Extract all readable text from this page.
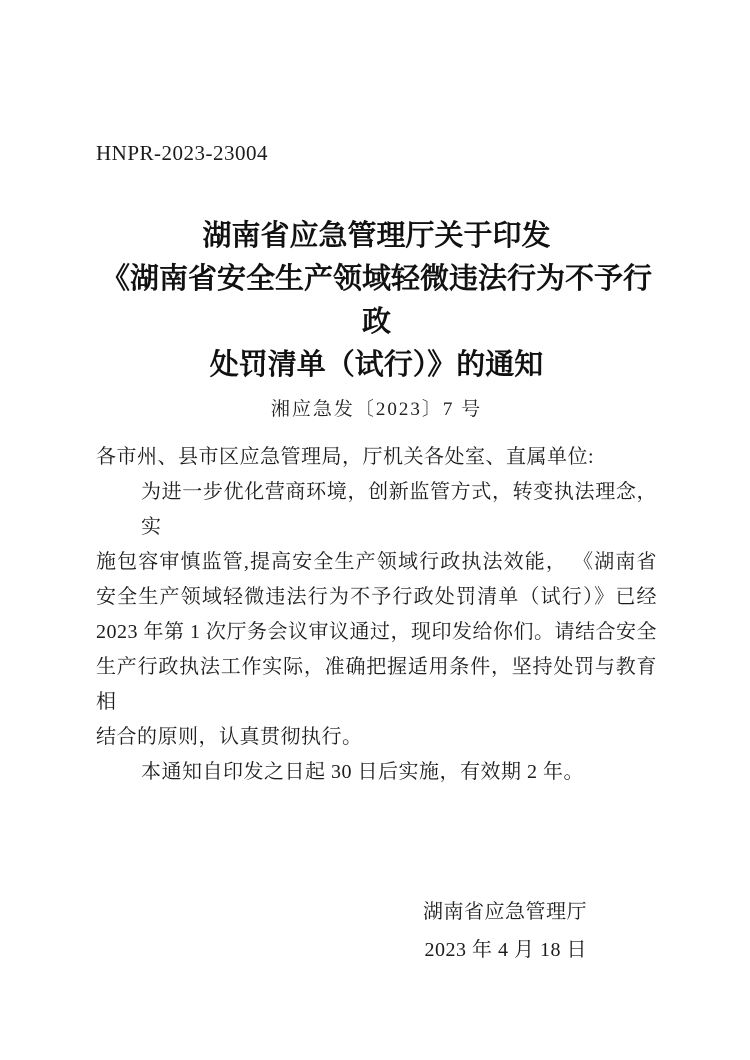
HNPR-2023-23004
湖南省应急管理厅关于印发
《湖南省安全生产领域轻微违法行为不予行政
处罚清单（试行）》的通知
湘应急发〔2023〕7 号
各市州、县市区应急管理局，厅机关各处室、直属单位:
为进一步优化营商环境，创新监管方式，转变执法理念，实
施包容审慎监管,提高安全生产领域行政执法效能， 《湖南省
安全生产领域轻微违法行为不予行政处罚清单（试行）》已经
2023 年第 1 次厅务会议审议通过，现印发给你们。请结合安全
生产行政执法工作实际，准确把握适用条件，坚持处罚与教育相
结合的原则，认真贯彻执行。
本通知自印发之日起 30 日后实施，有效期 2 年。
湖南省应急管理厅
2023 年 4 月 18 日
